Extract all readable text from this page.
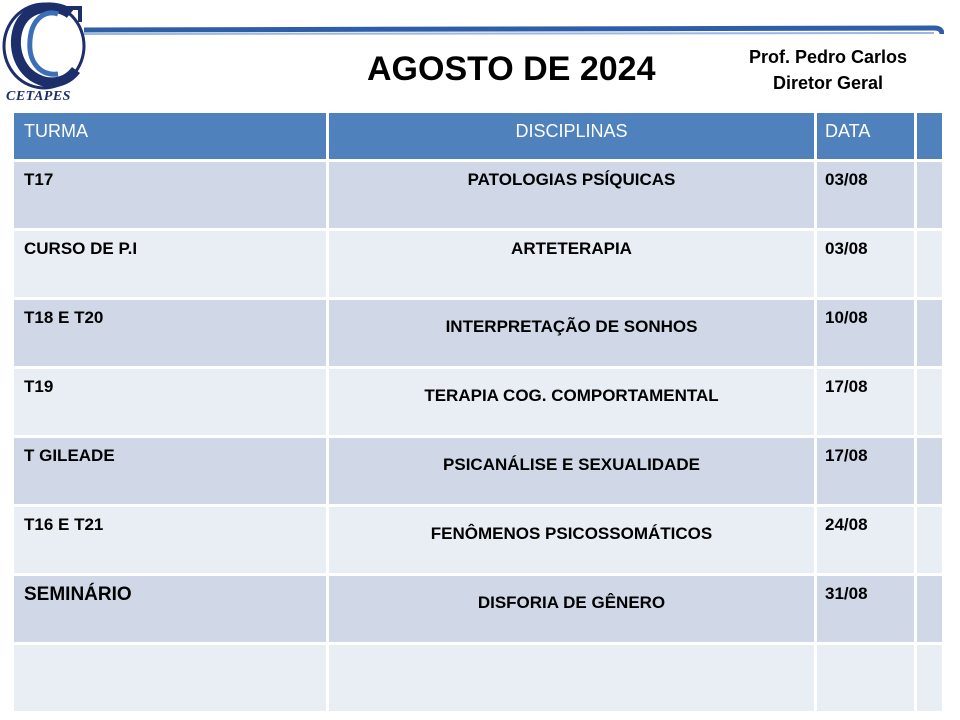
CETAPES
AGOSTO DE 2024	Prof. Pedro Carlos
Diretor Geral
TURMA	DISCIPLINAS	DATA
T17	PATOLOGIAS PSÍQUICAS	03/08
CURSO DE P.I	ARTETERAPIA	03/08
T18 E T20	INTERPRETAÇÃO DE SONHOS	10/08
T19	TERAPIA COG. COMPORTAMENTAL	17/08
T GILEADE	PSICANÁLISE E SEXUALIDADE	17/08
T16 E T21	FENÔMENOS PSICOSSOMÁTICOS	24/08
SEMINÁRIO	DISFORIA DE GÊNERO	31/08
